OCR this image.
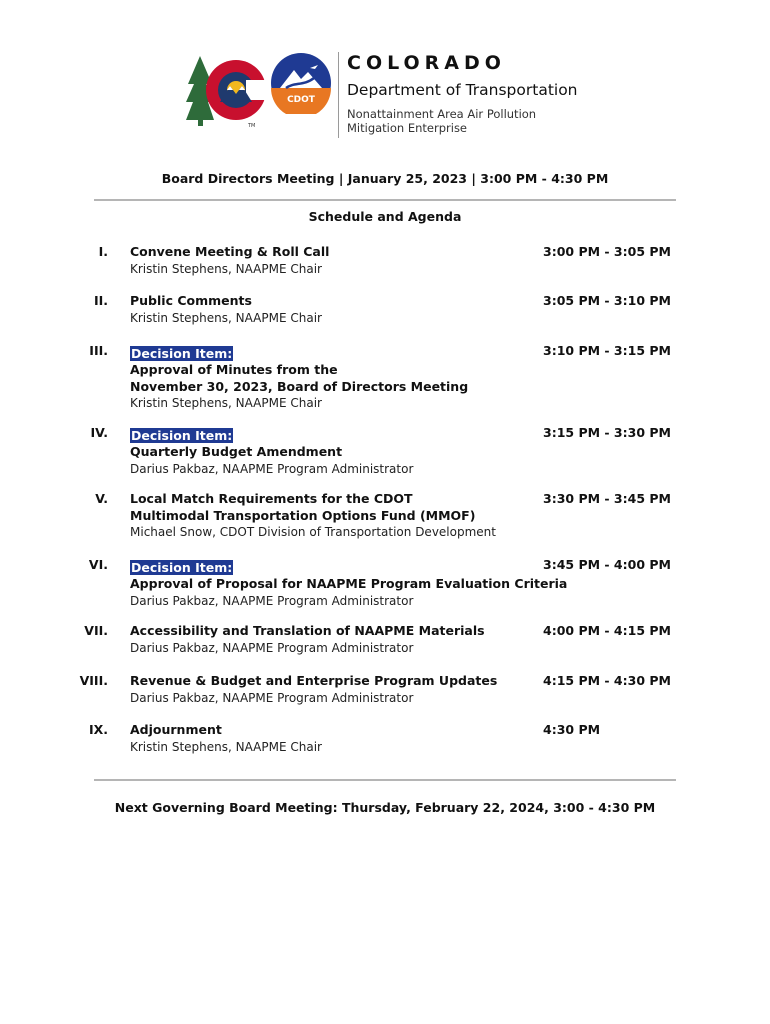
TM
CDOT
COLORADO
Department of Transportation
Nonattainment Area Air Pollution
Mitigation Enterprise
Board Directors Meeting | January 25, 2023 | 3:00 PM - 4:30 PM
Schedule and Agenda
I. Convene Meeting & Roll Call
Kristin Stephens, NAAPME Chair
3:00 PM - 3:05 PM
II. Public Comments
Kristin Stephens, NAAPME Chair
3:05 PM - 3:10 PM
III. Decision Item:
Approval of Minutes from the
November 30, 2023, Board of Directors Meeting
Kristin Stephens, NAAPME Chair
3:10 PM - 3:15 PM
IV. Decision Item:
Quarterly Budget Amendment
Darius Pakbaz, NAAPME Program Administrator
3:15 PM - 3:30 PM
V. Local Match Requirements for the CDOT
Multimodal Transportation Options Fund (MMOF)
Michael Snow, CDOT Division of Transportation Development
3:30 PM - 3:45 PM
VI. Decision Item:
Approval of Proposal for NAAPME Program Evaluation Criteria
Darius Pakbaz, NAAPME Program Administrator
3:45 PM - 4:00 PM
VII. Accessibility and Translation of NAAPME Materials
Darius Pakbaz, NAAPME Program Administrator
4:00 PM - 4:15 PM
VIII. Revenue & Budget and Enterprise Program Updates
Darius Pakbaz, NAAPME Program Administrator
4:15 PM - 4:30 PM
IX. Adjournment
Kristin Stephens, NAAPME Chair
4:30 PM
Next Governing Board Meeting: Thursday, February 22, 2024, 3:00 - 4:30 PM
